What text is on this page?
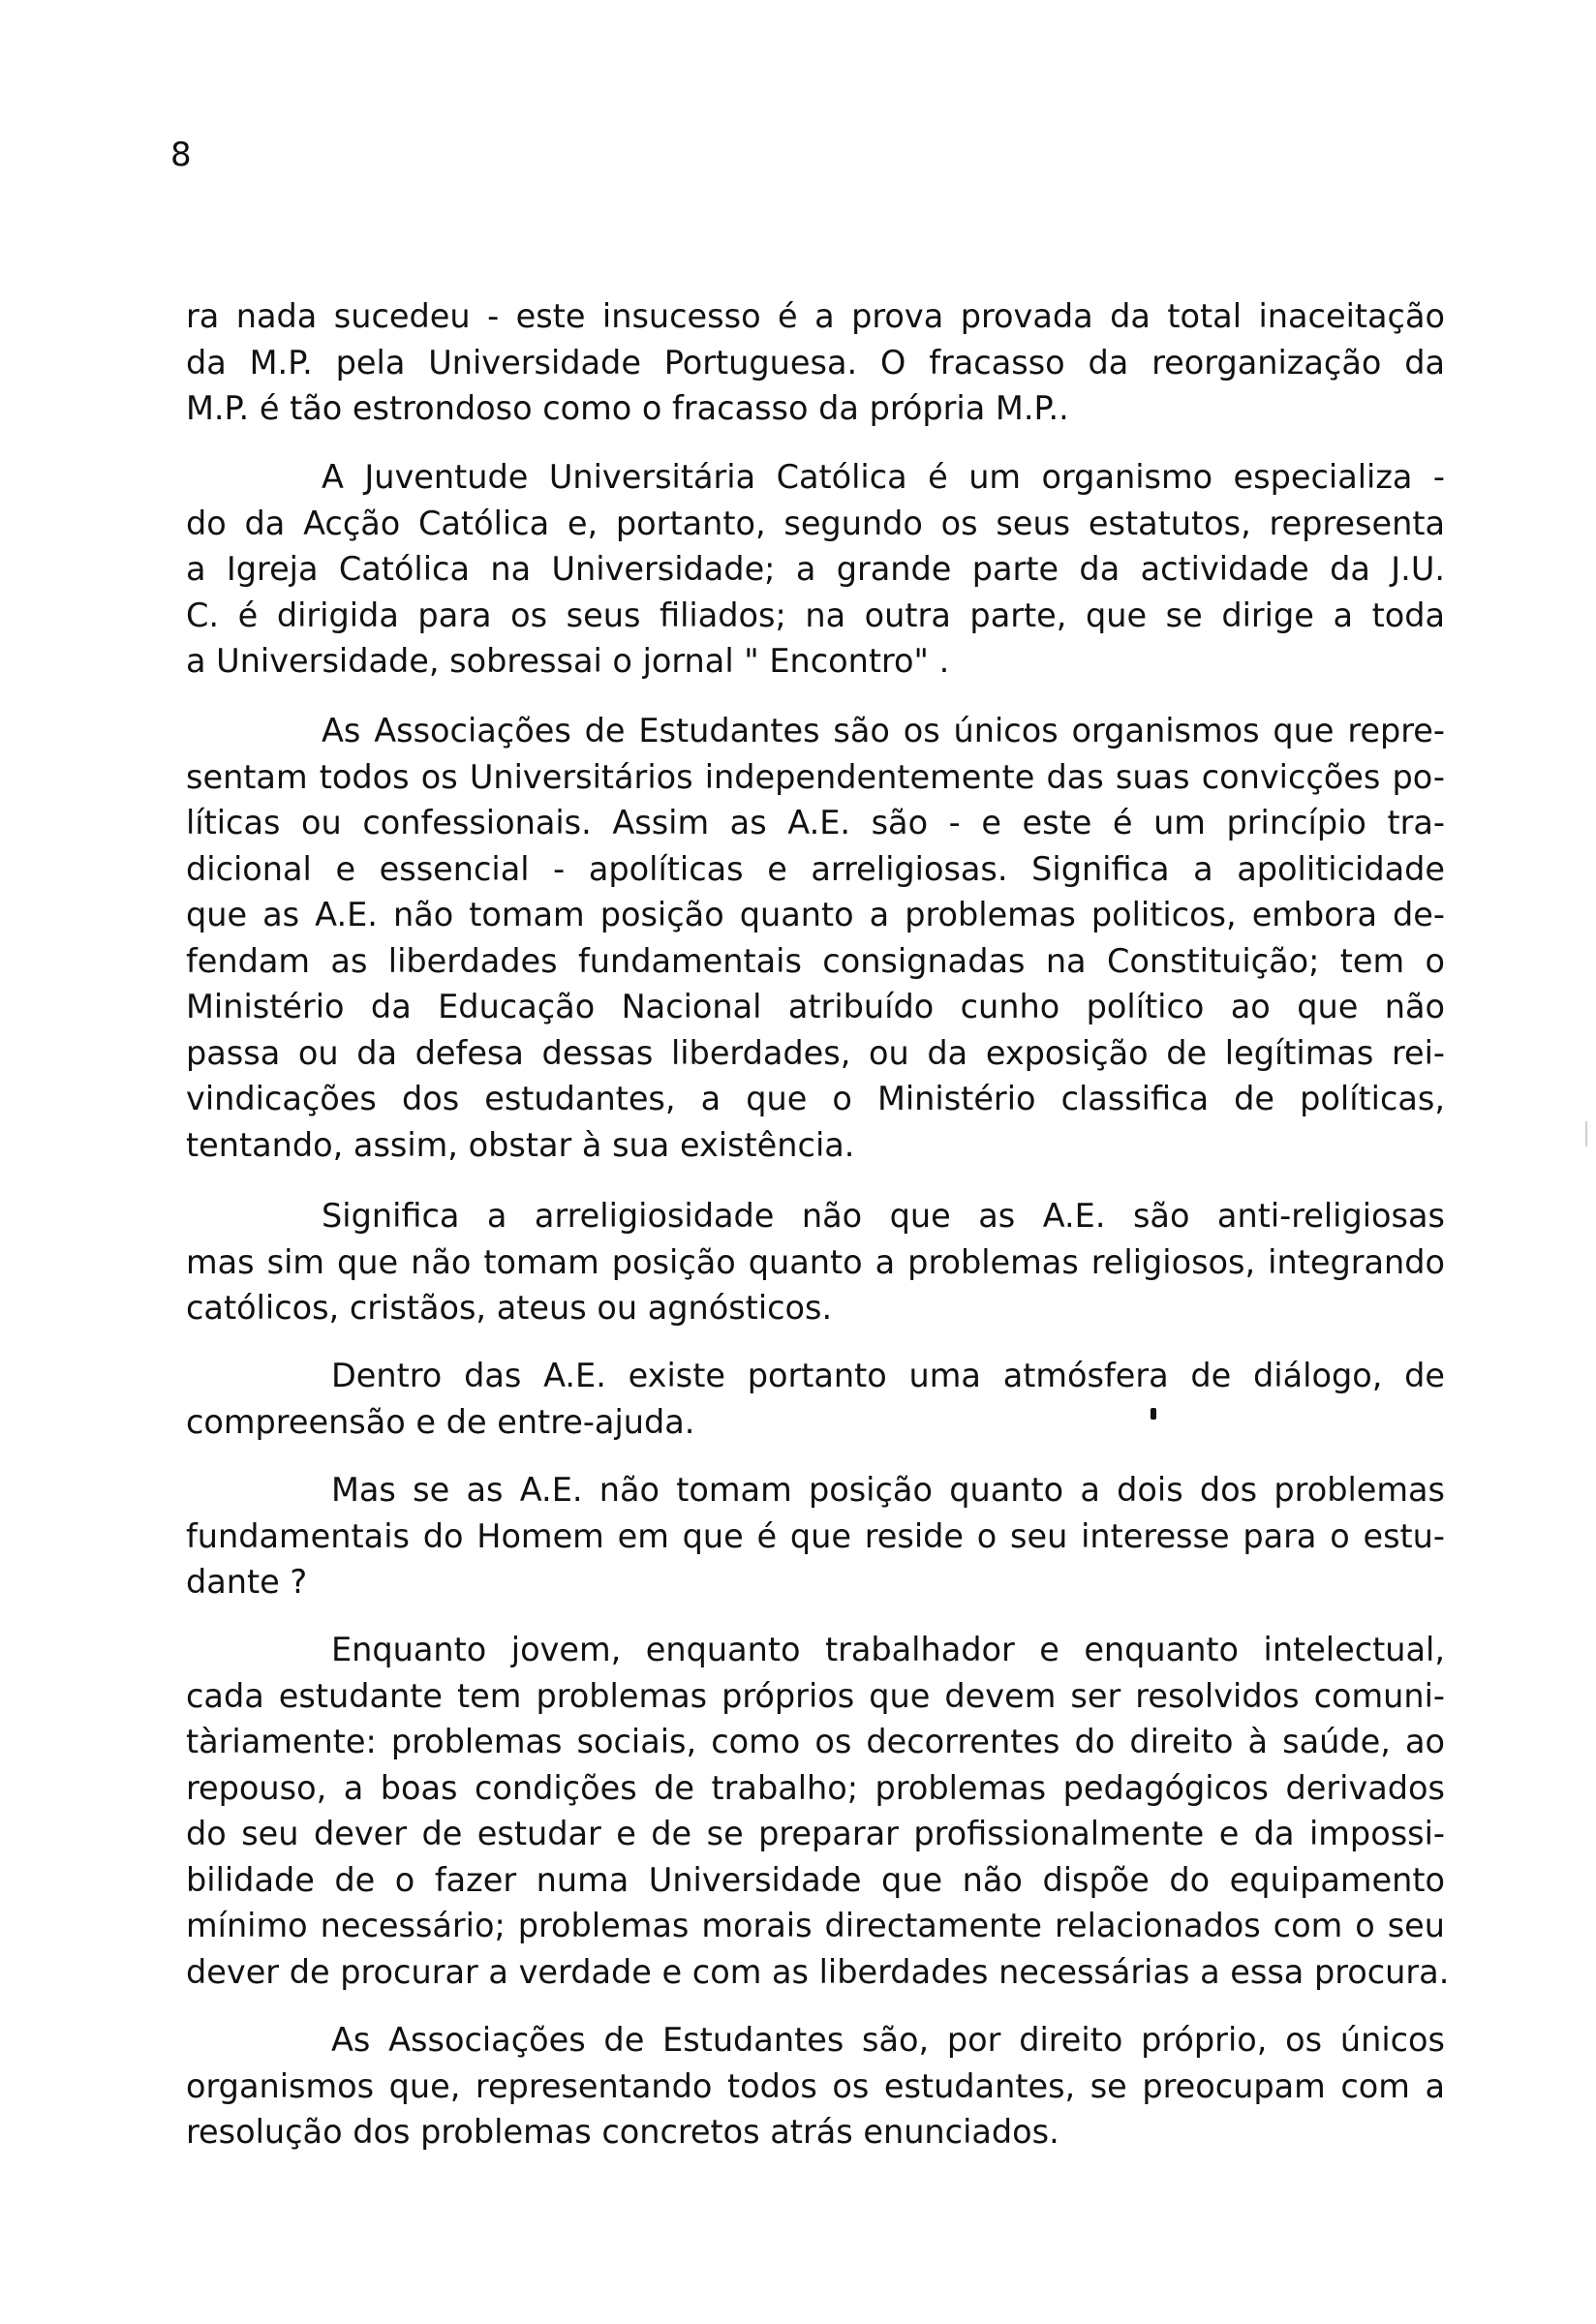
8
ra nada sucedeu - este insucesso é a prova provada da total inaceitação
da M.P. pela Universidade Portuguesa. O fracasso da reorganização da
M.P. é tão estrondoso como o fracasso da própria M.P..
A Juventude Universitária Católica é um organismo especializa -
do da Acção Católica e, portanto, segundo os seus estatutos, representa
a Igreja Católica na Universidade; a grande parte da actividade da J.U.
C. é dirigida para os seus filiados; na outra parte, que se dirige a toda
a Universidade, sobressai o jornal " Encontro" .
As Associações de Estudantes são os únicos organismos que repre-
sentam todos os Universitários independentemente das suas convicções po-
líticas ou confessionais. Assim as A.E. são - e este é um princípio tra-
dicional e essencial - apolíticas e arreligiosas. Significa a apoliticidade
que as A.E. não tomam posição quanto a problemas politicos, embora de-
fendam as liberdades fundamentais consignadas na Constituição; tem o
Ministério da Educação Nacional atribuído cunho político ao que não
passa ou da defesa dessas liberdades, ou da exposição de legítimas rei-
vindicações dos estudantes, a que o Ministério classifica de políticas,
tentando, assim, obstar à sua existência.
Significa a arreligiosidade não que as A.E. são anti-religiosas
mas sim que não tomam posição quanto a problemas religiosos, integrando
católicos, cristãos, ateus ou agnósticos.
Dentro das A.E. existe portanto uma atmósfera de diálogo, de
compreensão e de entre-ajuda.
Mas se as A.E. não tomam posição quanto a dois dos problemas
fundamentais do Homem em que é que reside o seu interesse para o estu-
dante ?
Enquanto jovem, enquanto trabalhador e enquanto intelectual,
cada estudante tem problemas próprios que devem ser resolvidos comuni-
tàriamente: problemas sociais, como os decorrentes do direito à saúde, ao
repouso, a boas condições de trabalho; problemas pedagógicos derivados
do seu dever de estudar e de se preparar profissionalmente e da impossi-
bilidade de o fazer numa Universidade que não dispõe do equipamento
mínimo necessário; problemas morais directamente relacionados com o seu
dever de procurar a verdade e com as liberdades necessárias a essa procura.
As Associações de Estudantes são, por direito próprio, os únicos
organismos que, representando todos os estudantes, se preocupam com a
resolução dos problemas concretos atrás enunciados.
